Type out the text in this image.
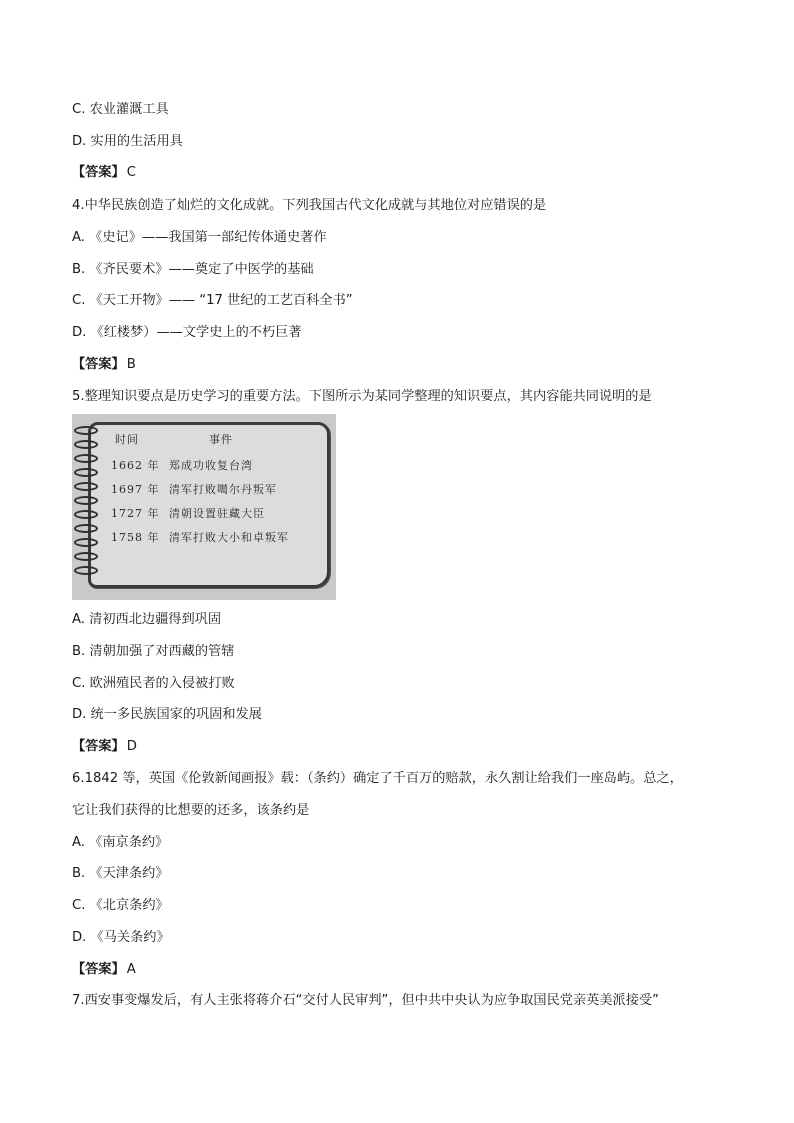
C. 农业灌溉工具
D. 实用的生活用具
【答案】 C
4.中华民族创造了灿烂的文化成就。下列我国古代文化成就与其地位对应错误的是
A. 《史记》——我国第一部纪传体通史著作
B. 《齐民要术》——奠定了中医学的基础
C. 《天工开物》—— “17 世纪的工艺百科全书”
D. 《红楼梦）——文学史上的不朽巨著
【答案】 B
5.整理知识要点是历史学习的重要方法。下图所示为某同学整理的知识要点，其内容能共同说明的是
时间	事件
1662 年 郑成功收复台湾
1697 年 清军打败噶尔丹叛军
1727 年 清朝设置驻藏大臣
1758 年 清军打败大小和卓叛军
A. 清初西北边疆得到巩固
B. 清朝加强了对西藏的管辖
C. 欧洲殖民者的入侵被打败
D. 统一多民族国家的巩固和发展
【答案】 D
6.1842 等，英国《伦敦新闻画报》载：（条约）确定了千百万的赔款，永久割让给我们一座岛屿。总之，
它让我们获得的比想要的还多，该条约是
A. 《南京条约》
B. 《天津条约》
C. 《北京条约》
D. 《马关条约》
【答案】 A
7.西安事变爆发后，有人主张将蒋介石“交付人民审判”，但中共中央认为应争取国民党亲英美派接受”
